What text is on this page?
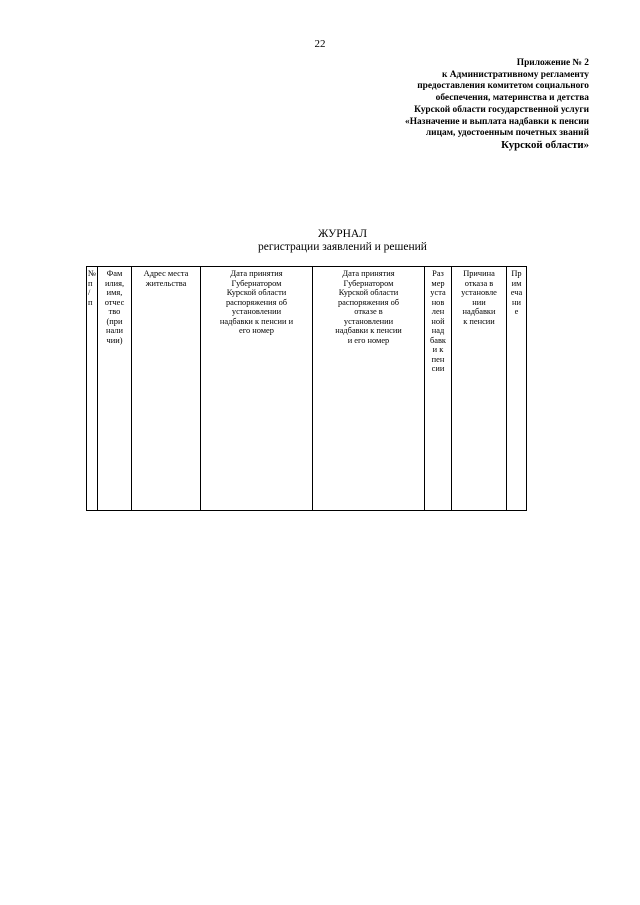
22
Приложение № 2
к Административному регламенту
предоставления комитетом социального
обеспечения, материнства и детства
Курской области государственной услуги
«Назначение и выплата надбавки к пенсии
лицам, удостоенным почетных званий
Курской области»
ЖУРНАЛ
регистрации заявлений и решений
№
п
/
п

Фам
илия,
имя,
отчес
тво
(при
нали
чии)

Адрес места
жительства

Дата принятия
Губернатором
Курской области
распоряжения об
установлении
надбавки к пенсии и
его номер

Дата принятия
Губернатором
Курской области
распоряжения об
отказе в
установлении
надбавки к пенсии
и его номер

Раз
мер
уста
нов
лен
ной
над
бавк
и к
пен
сии

Причина
отказа в
установле
нии
надбавки
к пенсии

Пр
им
еча
ни
е
